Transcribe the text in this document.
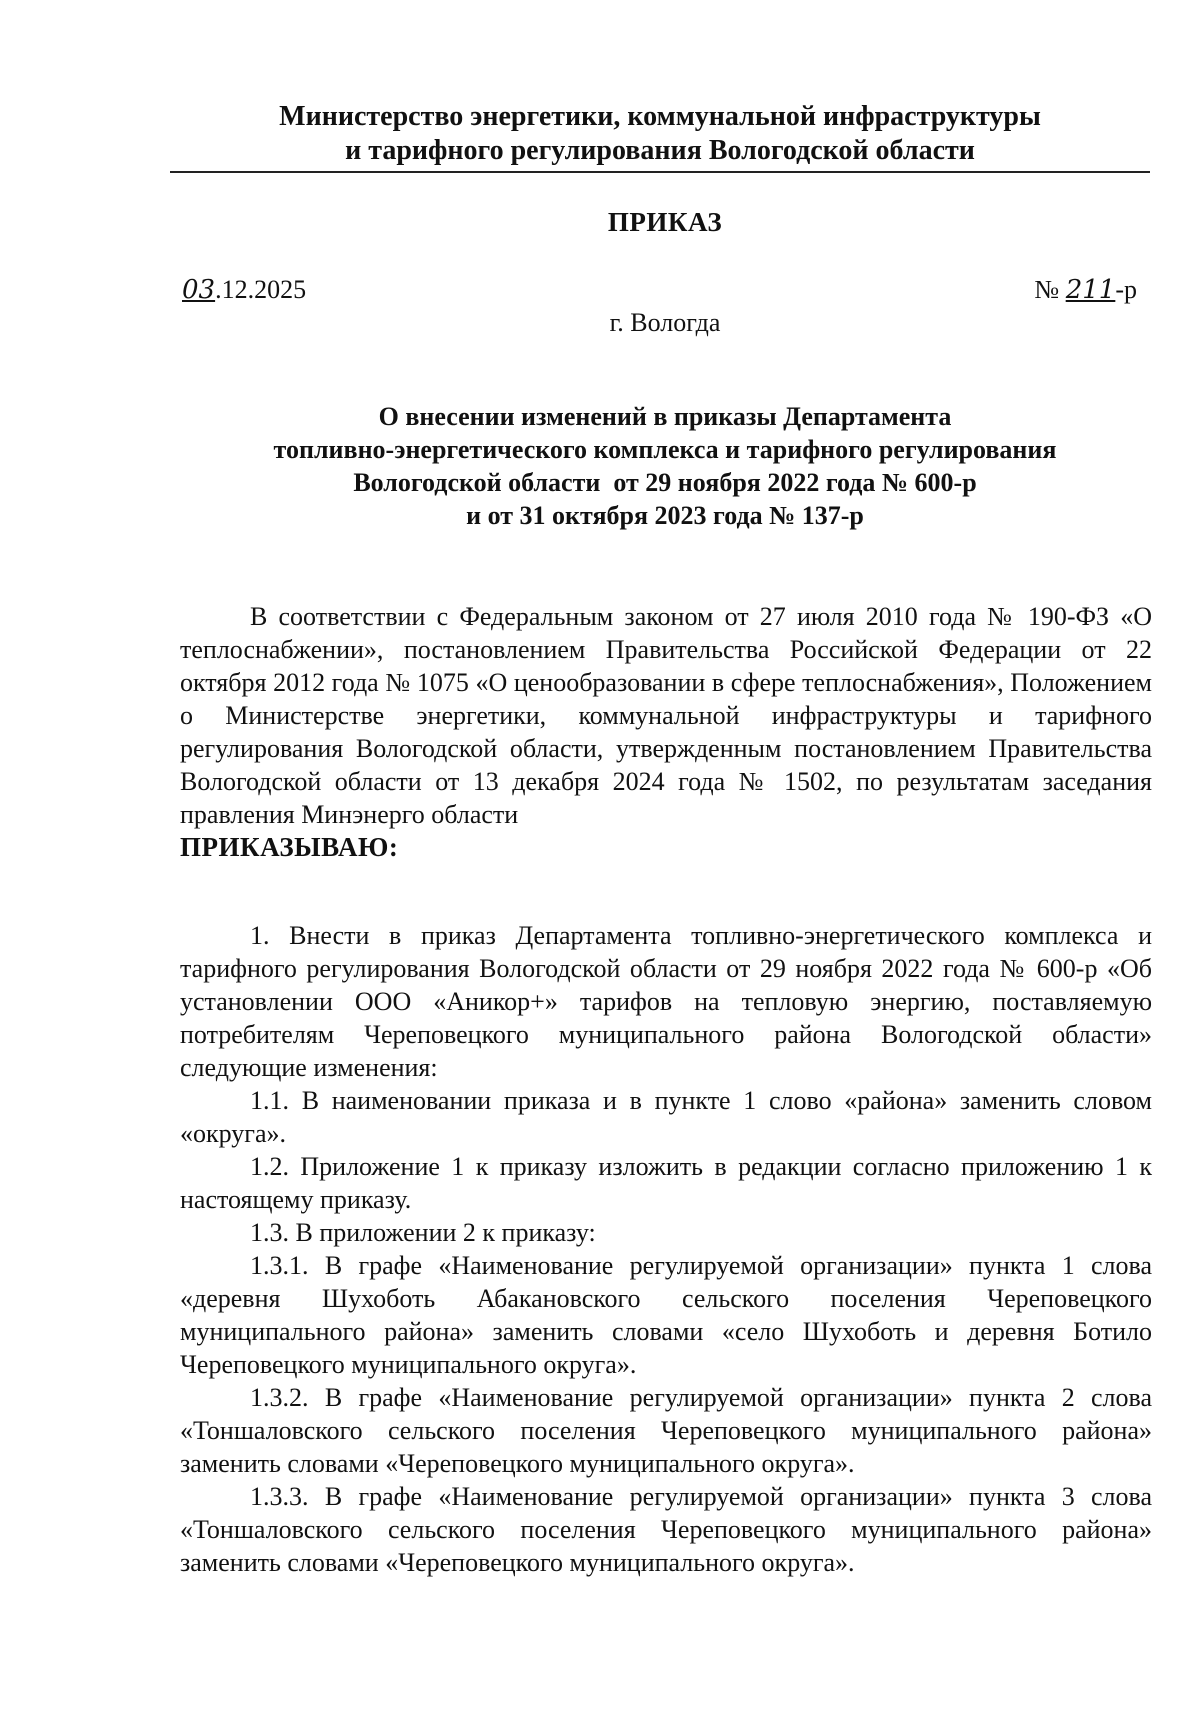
Министерство энергетики, коммунальной инфраструктуры
и тарифного регулирования Вологодской области
ПРИКАЗ
03.12.2025	№ 211-р
г. Вологда
О внесении изменений в приказы Департамента
топливно-энергетического комплекса и тарифного регулирования
Вологодской области  от 29 ноября 2022 года № 600-р
и от 31 октября 2023 года № 137-р

В соответствии с Федеральным законом от 27 июля 2010 года № 190-ФЗ «О теплоснабжении», постановлением Правительства Российской Федерации от 22 октября 2012 года № 1075 «О ценообразовании в сфере теплоснабжения», Положением о Министерстве энергетики, коммунальной инфраструктуры и тарифного регулирования Вологодской области, утвержденным постановлением Правительства Вологодской области от 13 декабря 2024 года № 1502, по результатам заседания правления Минэнерго области

ПРИКАЗЫВАЮ:

1. Внести в приказ Департамента топливно-энергетического комплекса и тарифного регулирования Вологодской области от 29 ноября 2022 года № 600-р «Об установлении ООО «Аникор+» тарифов на тепловую энергию, поставляемую потребителям Череповецкого муниципального района Вологодской области» следующие изменения:

1.1. В наименовании приказа и в пункте 1 слово «района» заменить словом «округа».

1.2. Приложение 1 к приказу изложить в редакции согласно приложению 1 к настоящему приказу.

1.3. В приложении 2 к приказу:

1.3.1. В графе «Наименование регулируемой организации» пункта 1 слова «деревня Шухоботь Абакановского сельского поселения Череповецкого муниципального района» заменить словами «село Шухоботь и деревня Ботило Череповецкого муниципального округа».

1.3.2. В графе «Наименование регулируемой организации» пункта 2 слова «Тоншаловского сельского поселения Череповецкого муниципального района» заменить словами «Череповецкого муниципального округа».

1.3.3. В графе «Наименование регулируемой организации» пункта 3 слова «Тоншаловского сельского поселения Череповецкого муниципального района» заменить словами «Череповецкого муниципального округа».
